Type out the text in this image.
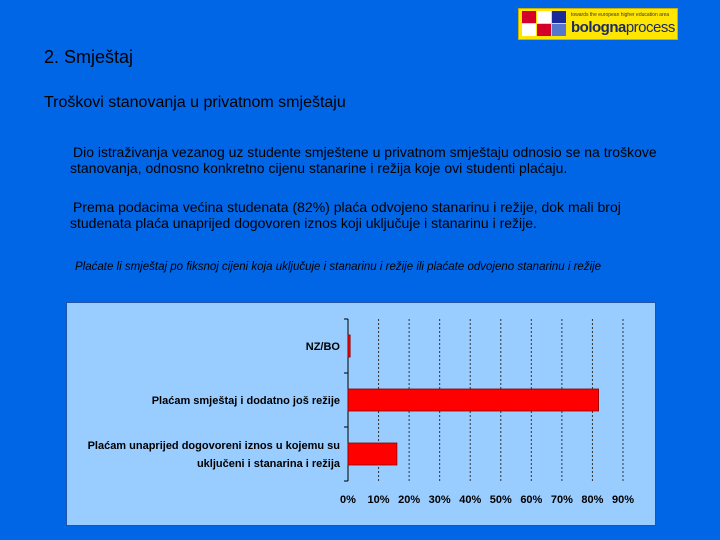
towards the european higher education area
bolognaprocess
2. Smještaj
Troškovi stanovanja u privatnom smještaju

Dio istraživanja vezanog uz studente smještene u privatnom smještaju odnosio se na troškove stanovanja, odnosno konkretno cijenu stanarine i režija koje ovi studenti plaćaju.

Prema podacima većina studenata (82%) plaća odvojeno stanarinu i režije, dok mali broj studenata plaća unaprijed dogovoren iznos koji uključuje i stanarinu i režije.

Plaćate li smještaj po fiksnoj cijeni koja uključuje i stanarinu i režije ili plaćate odvojeno stanarinu i režije

NZ/BO
Plaćam smještaj i dodatno još režije
Plaćam unaprijed dogovoreni iznos u kojemu su
uključeni i stanarina i režija
0% 10% 20% 30% 40% 50% 60% 70% 80% 90%
